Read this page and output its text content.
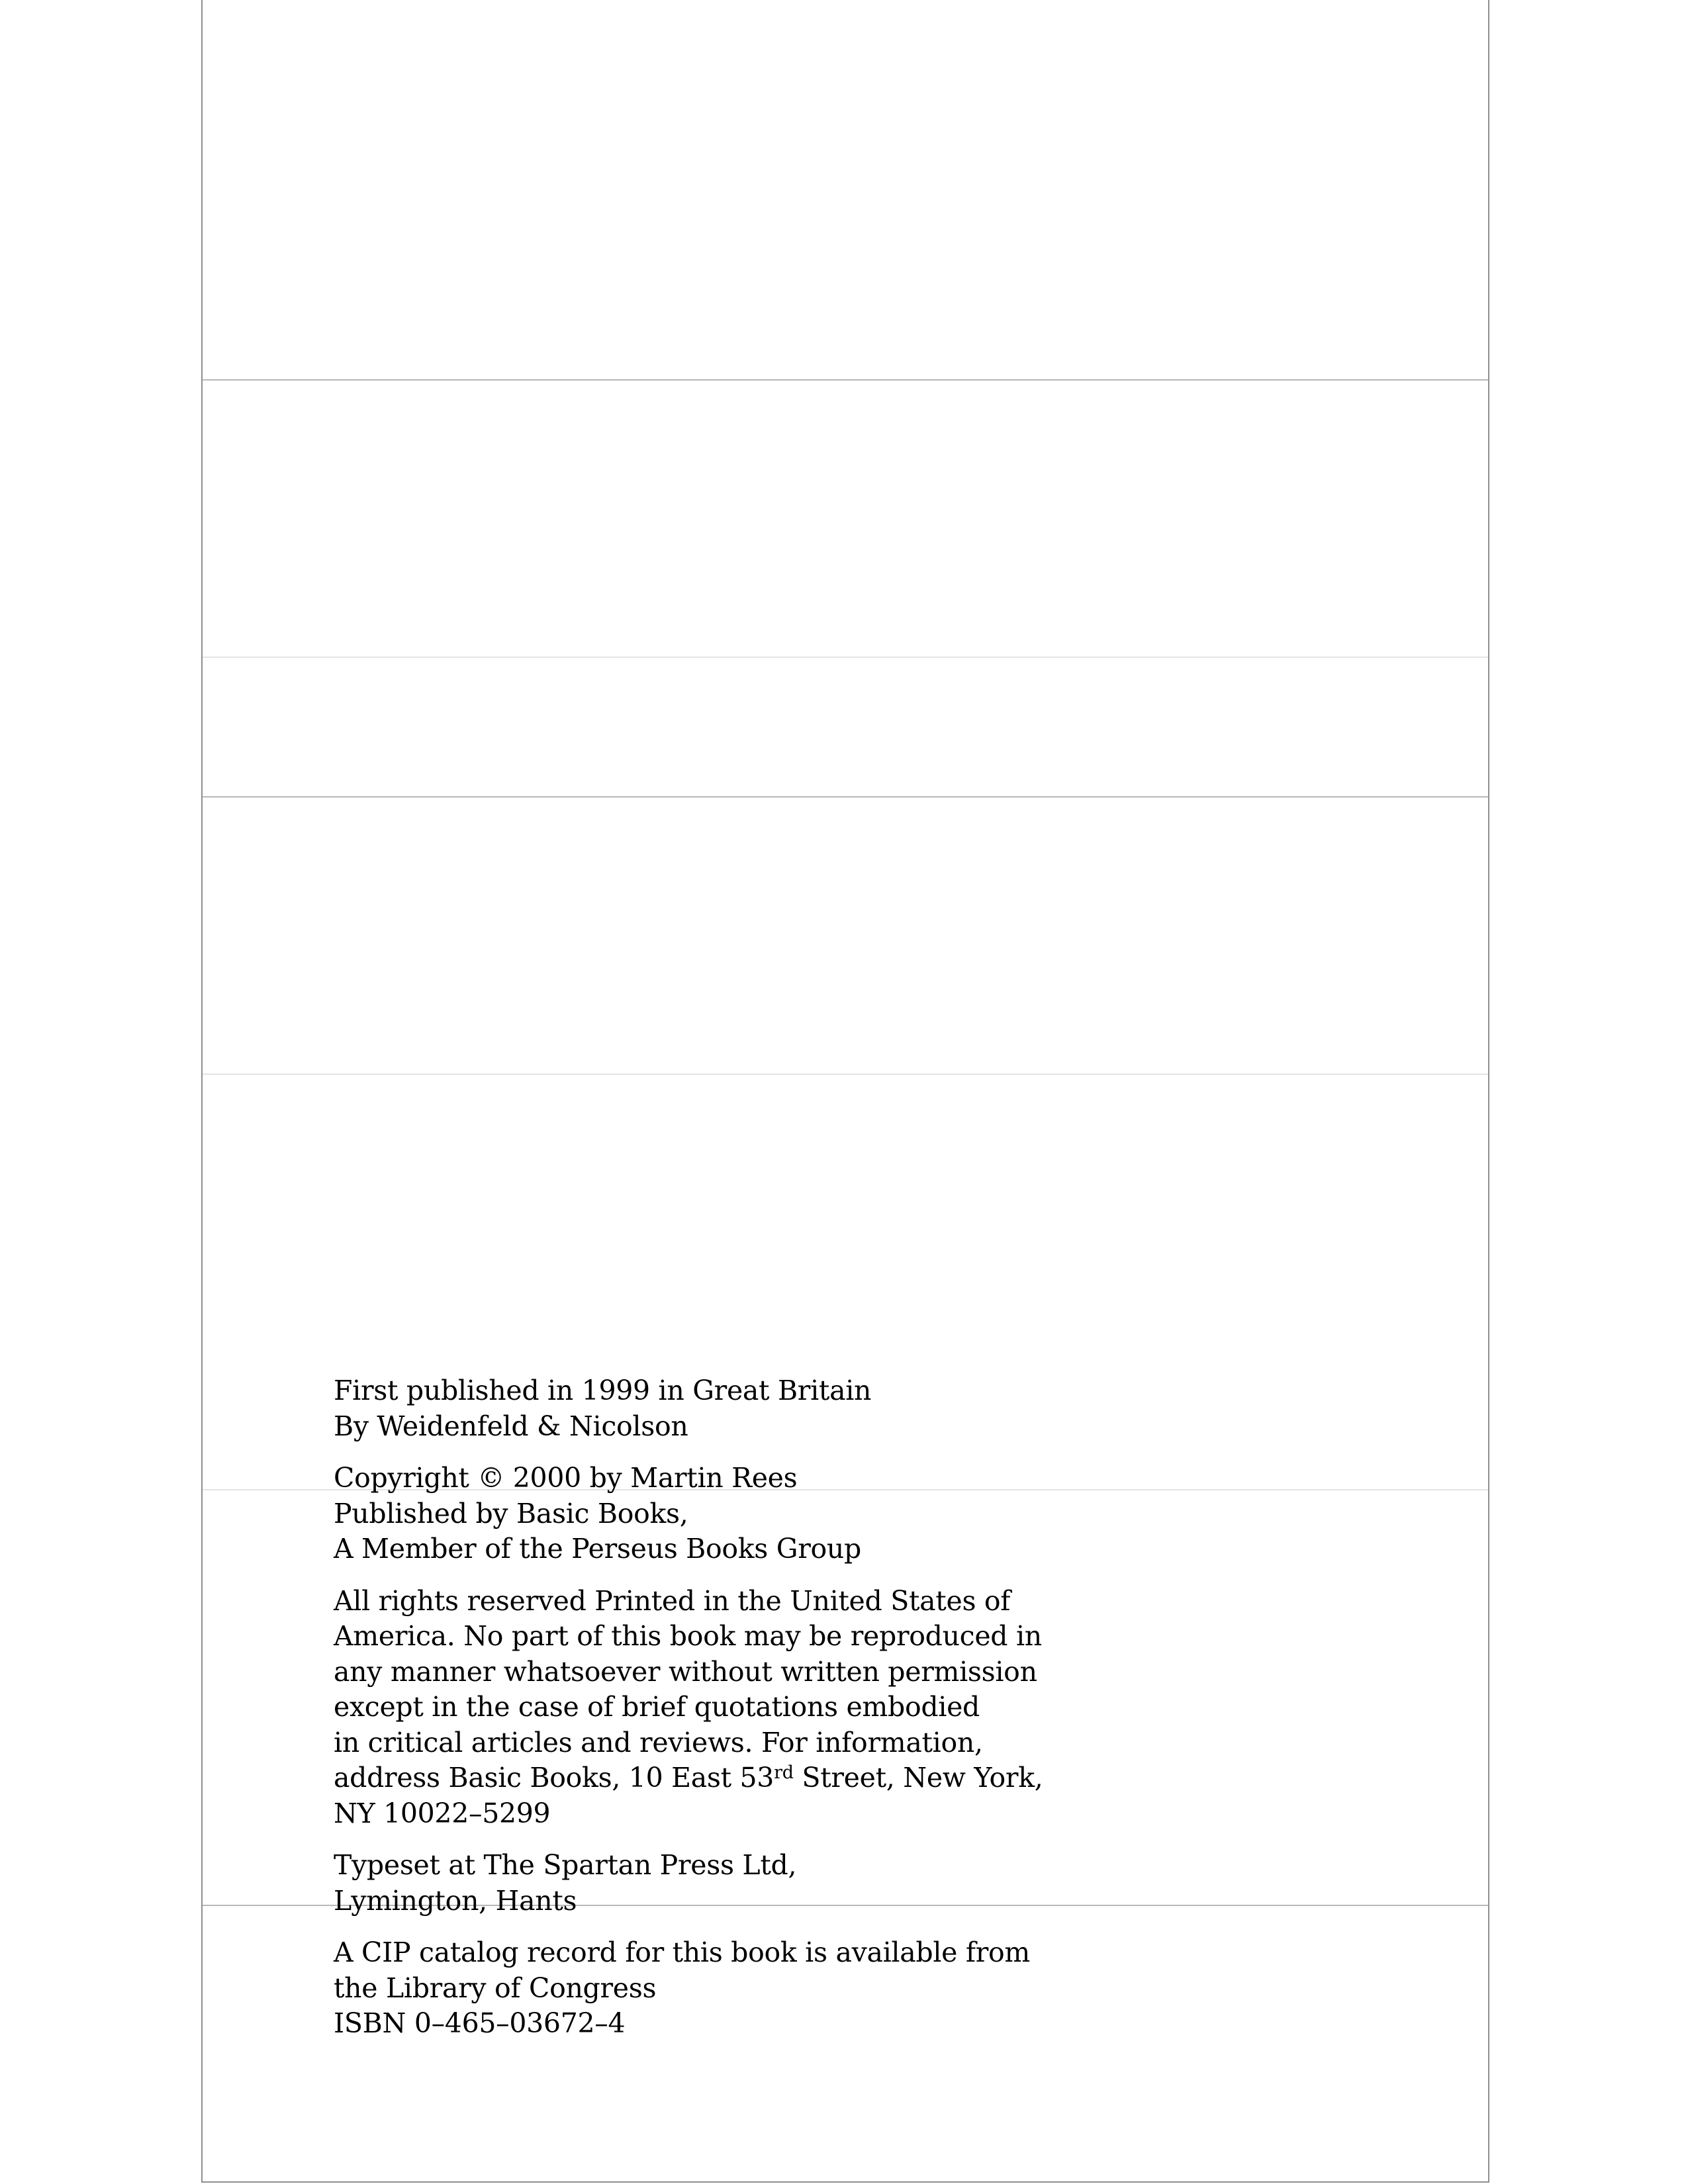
First published in 1999 in Great Britain
By Weidenfeld & Nicolson

Copyright © 2000 by Martin Rees
Published by Basic Books,
A Member of the Perseus Books Group

All rights reserved Printed in the United States of
America. No part of this book may be reproduced in
any manner whatsoever without written permission
except in the case of brief quotations embodied
in critical articles and reviews. For information,
address Basic Books, 10 East 53rd Street, New York,
NY 10022–5299

Typeset at The Spartan Press Ltd,
Lymington, Hants

A CIP catalog record for this book is available from
the Library of Congress
ISBN 0–465–03672–4
